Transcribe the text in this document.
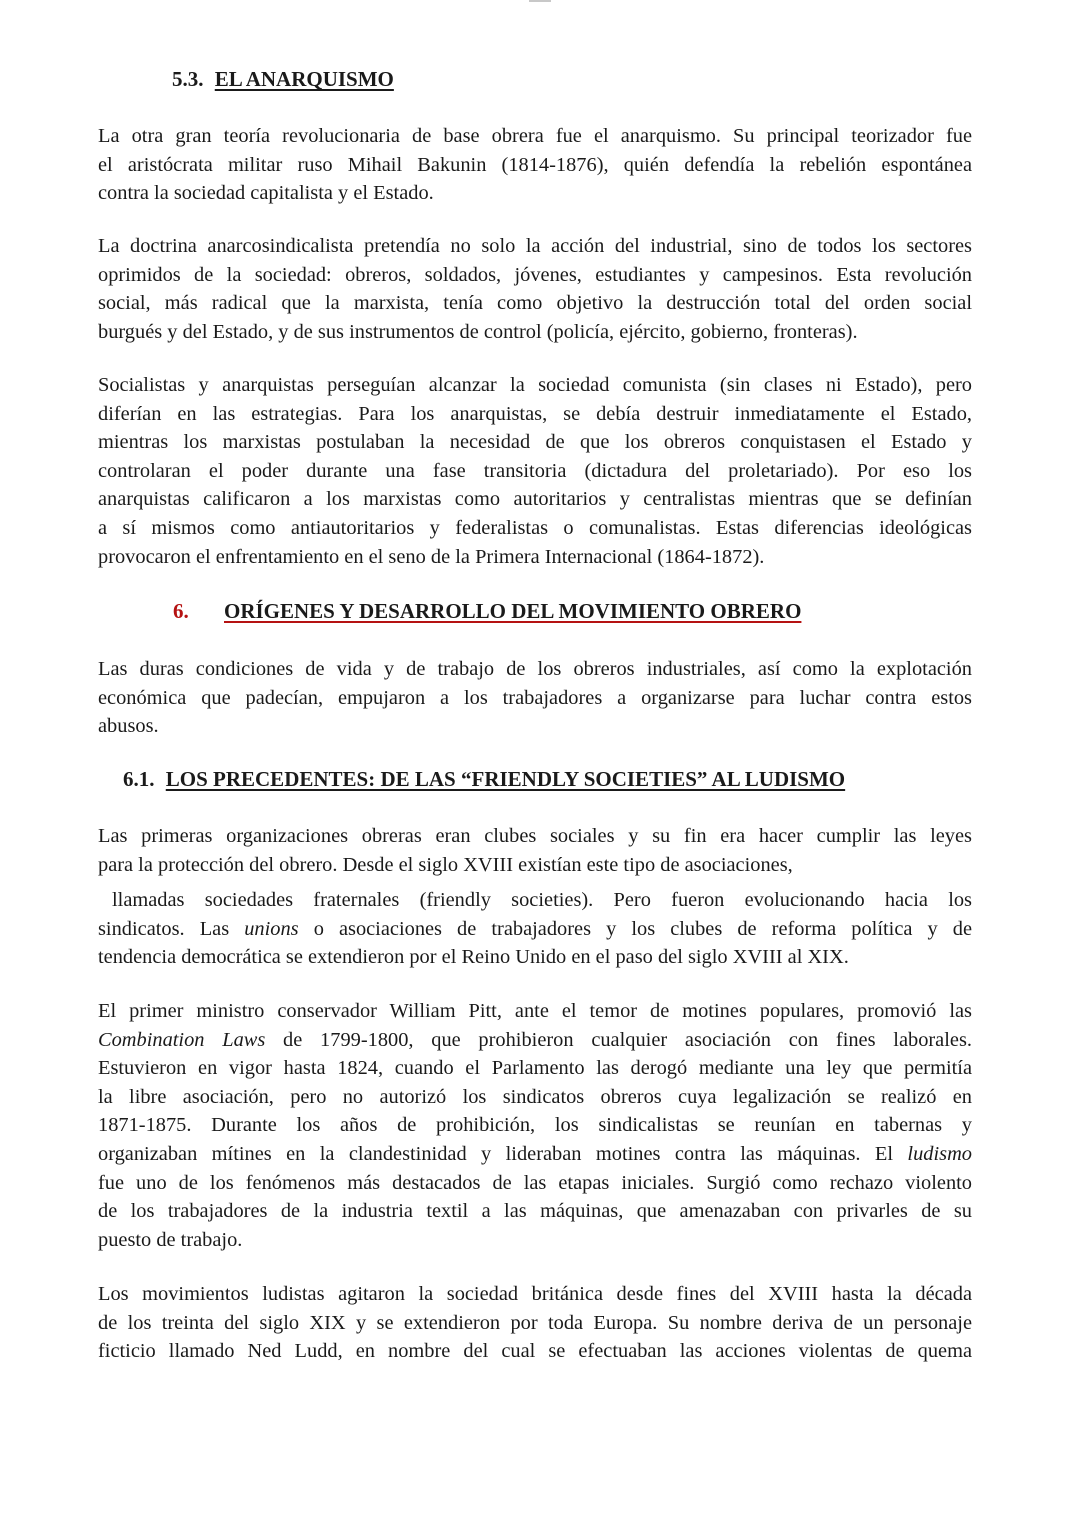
5.3. EL ANARQUISMO

La otra gran teoría revolucionaria de base obrera fue el anarquismo. Su principal teorizador fue
el aristócrata militar ruso Mihail Bakunin (1814-1876), quién defendía la rebelión espontánea
contra la sociedad capitalista y el Estado.

La doctrina anarcosindicalista pretendía no solo la acción del industrial, sino de todos los sectores
oprimidos de la sociedad: obreros, soldados, jóvenes, estudiantes y campesinos. Esta revolución
social, más radical que la marxista, tenía como objetivo la destrucción total del orden social
burgués y del Estado, y de sus instrumentos de control (policía, ejército, gobierno, fronteras).

Socialistas y anarquistas perseguían alcanzar la sociedad comunista (sin clases ni Estado), pero
diferían en las estrategias. Para los anarquistas, se debía destruir inmediatamente el Estado,
mientras los marxistas postulaban la necesidad de que los obreros conquistasen el Estado y
controlaran el poder durante una fase transitoria (dictadura del proletariado). Por eso los
anarquistas calificaron a los marxistas como autoritarios y centralistas mientras que se definían
a sí mismos como antiautoritarios y federalistas o comunalistas. Estas diferencias ideológicas
provocaron el enfrentamiento en el seno de la Primera Internacional (1864-1872).

6. ORÍGENES Y DESARROLLO DEL MOVIMIENTO OBRERO

Las duras condiciones de vida y de trabajo de los obreros industriales, así como la explotación
económica que padecían, empujaron a los trabajadores a organizarse para luchar contra estos
abusos.

6.1. LOS PRECEDENTES: DE LAS “FRIENDLY SOCIETIES” AL LUDISMO

Las primeras organizaciones obreras eran clubes sociales y su fin era hacer cumplir las leyes
para la protección del obrero. Desde el siglo XVIII existían este tipo de asociaciones,

llamadas sociedades fraternales (friendly societies). Pero fueron evolucionando hacia los
sindicatos. Las unions o asociaciones de trabajadores y los clubes de reforma política y de
tendencia democrática se extendieron por el Reino Unido en el paso del siglo XVIII al XIX.

El primer ministro conservador William Pitt, ante el temor de motines populares, promovió las
Combination Laws de 1799-1800, que prohibieron cualquier asociación con fines laborales.
Estuvieron en vigor hasta 1824, cuando el Parlamento las derogó mediante una ley que permitía
la libre asociación, pero no autorizó los sindicatos obreros cuya legalización se realizó en
1871-1875. Durante los años de prohibición, los sindicalistas se reunían en tabernas y
organizaban mítines en la clandestinidad y lideraban motines contra las máquinas. El ludismo
fue uno de los fenómenos más destacados de las etapas iniciales. Surgió como rechazo violento
de los trabajadores de la industria textil a las máquinas, que amenazaban con privarles de su
puesto de trabajo.

Los movimientos ludistas agitaron la sociedad británica desde fines del XVIII hasta la década
de los treinta del siglo XIX y se extendieron por toda Europa. Su nombre deriva de un personaje
ficticio llamado Ned Ludd, en nombre del cual se efectuaban las acciones violentas de quema
